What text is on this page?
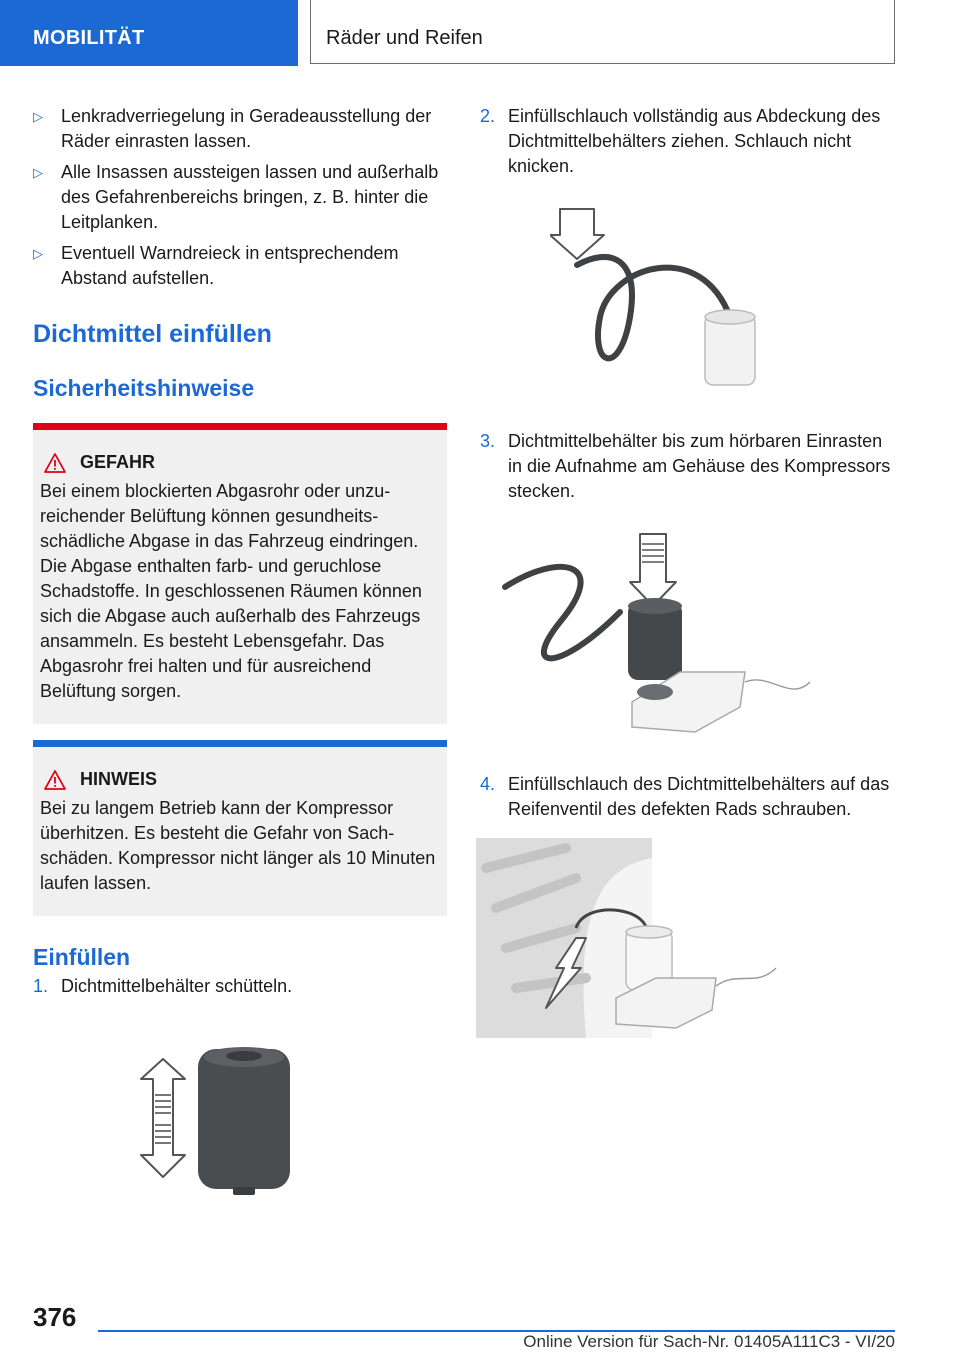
MOBILITÄT	Räder und Reifen
▷ Lenkradverriegelung in Geradeausstellung der Räder einrasten lassen.
▷ Alle Insassen aussteigen lassen und außerhalb des Gefahrenbereichs bringen, z. B. hinter die Leitplanken.
▷ Eventuell Warndreieck in entsprechendem Abstand aufstellen.
Dichtmittel einfüllen
Sicherheitshinweise
GEFAHR
Bei einem blockierten Abgasrohr oder unzureichender Belüftung können gesundheitsschädliche Abgase in das Fahrzeug eindringen. Die Abgase enthalten farb- und geruchlose Schadstoffe. In geschlossenen Räumen können sich die Abgase auch außerhalb des Fahrzeugs ansammeln. Es besteht Lebensgefahr. Das Abgasrohr frei halten und für ausreichend Belüftung sorgen.
HINWEIS
Bei zu langem Betrieb kann der Kompressor überhitzen. Es besteht die Gefahr von Sachschäden. Kompressor nicht länger als 10 Minuten laufen lassen.
Einfüllen
1. Dichtmittelbehälter schütteln.
2. Einfüllschlauch vollständig aus Abdeckung des Dichtmittelbehälters ziehen. Schlauch nicht knicken.
3. Dichtmittelbehälter bis zum hörbaren Einrasten in die Aufnahme am Gehäuse des Kompressors stecken.
4. Einfüllschlauch des Dichtmittelbehälters auf das Reifenventil des defekten Rads schrauben.
376
Online Version für Sach-Nr. 01405A111C3 - VI/20
